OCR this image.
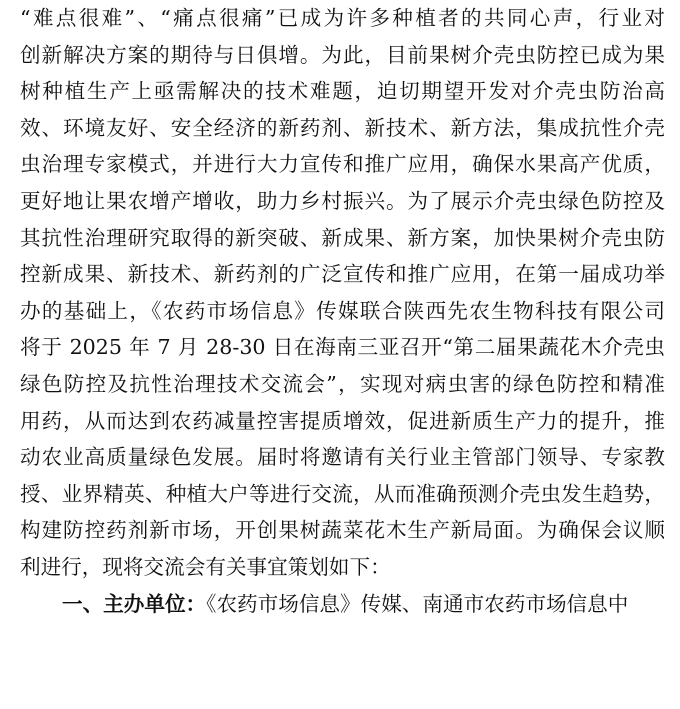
“难点很难”、“痛点很痛”已成为许多种植者的共同心声，行业对
创新解决方案的期待与日俱增。为此，目前果树介壳虫防控已成为果
树种植生产上亟需解决的技术难题，迫切期望开发对介壳虫防治高
效、环境友好、安全经济的新药剂、新技术、新方法，集成抗性介壳
虫治理专家模式，并进行大力宣传和推广应用，确保水果高产优质，
更好地让果农增产增收，助力乡村振兴。为了展示介壳虫绿色防控及
其抗性治理研究取得的新突破、新成果、新方案，加快果树介壳虫防
控新成果、新技术、新药剂的广泛宣传和推广应用，在第一届成功举
办的基础上，《农药市场信息》传媒联合陕西先农生物科技有限公司
将于 2025 年 7 月 28-30 日在海南三亚召开“第二届果蔬花木介壳虫
绿色防控及抗性治理技术交流会”，实现对病虫害的绿色防控和精准
用药，从而达到农药减量控害提质增效，促进新质生产力的提升，推
动农业高质量绿色发展。届时将邀请有关行业主管部门领导、专家教
授、业界精英、种植大户等进行交流，从而准确预测介壳虫发生趋势，
构建防控药剂新市场，开创果树蔬菜花木生产新局面。为确保会议顺
利进行，现将交流会有关事宜策划如下：
一、主办单位：《农药市场信息》传媒、南通市农药市场信息中
